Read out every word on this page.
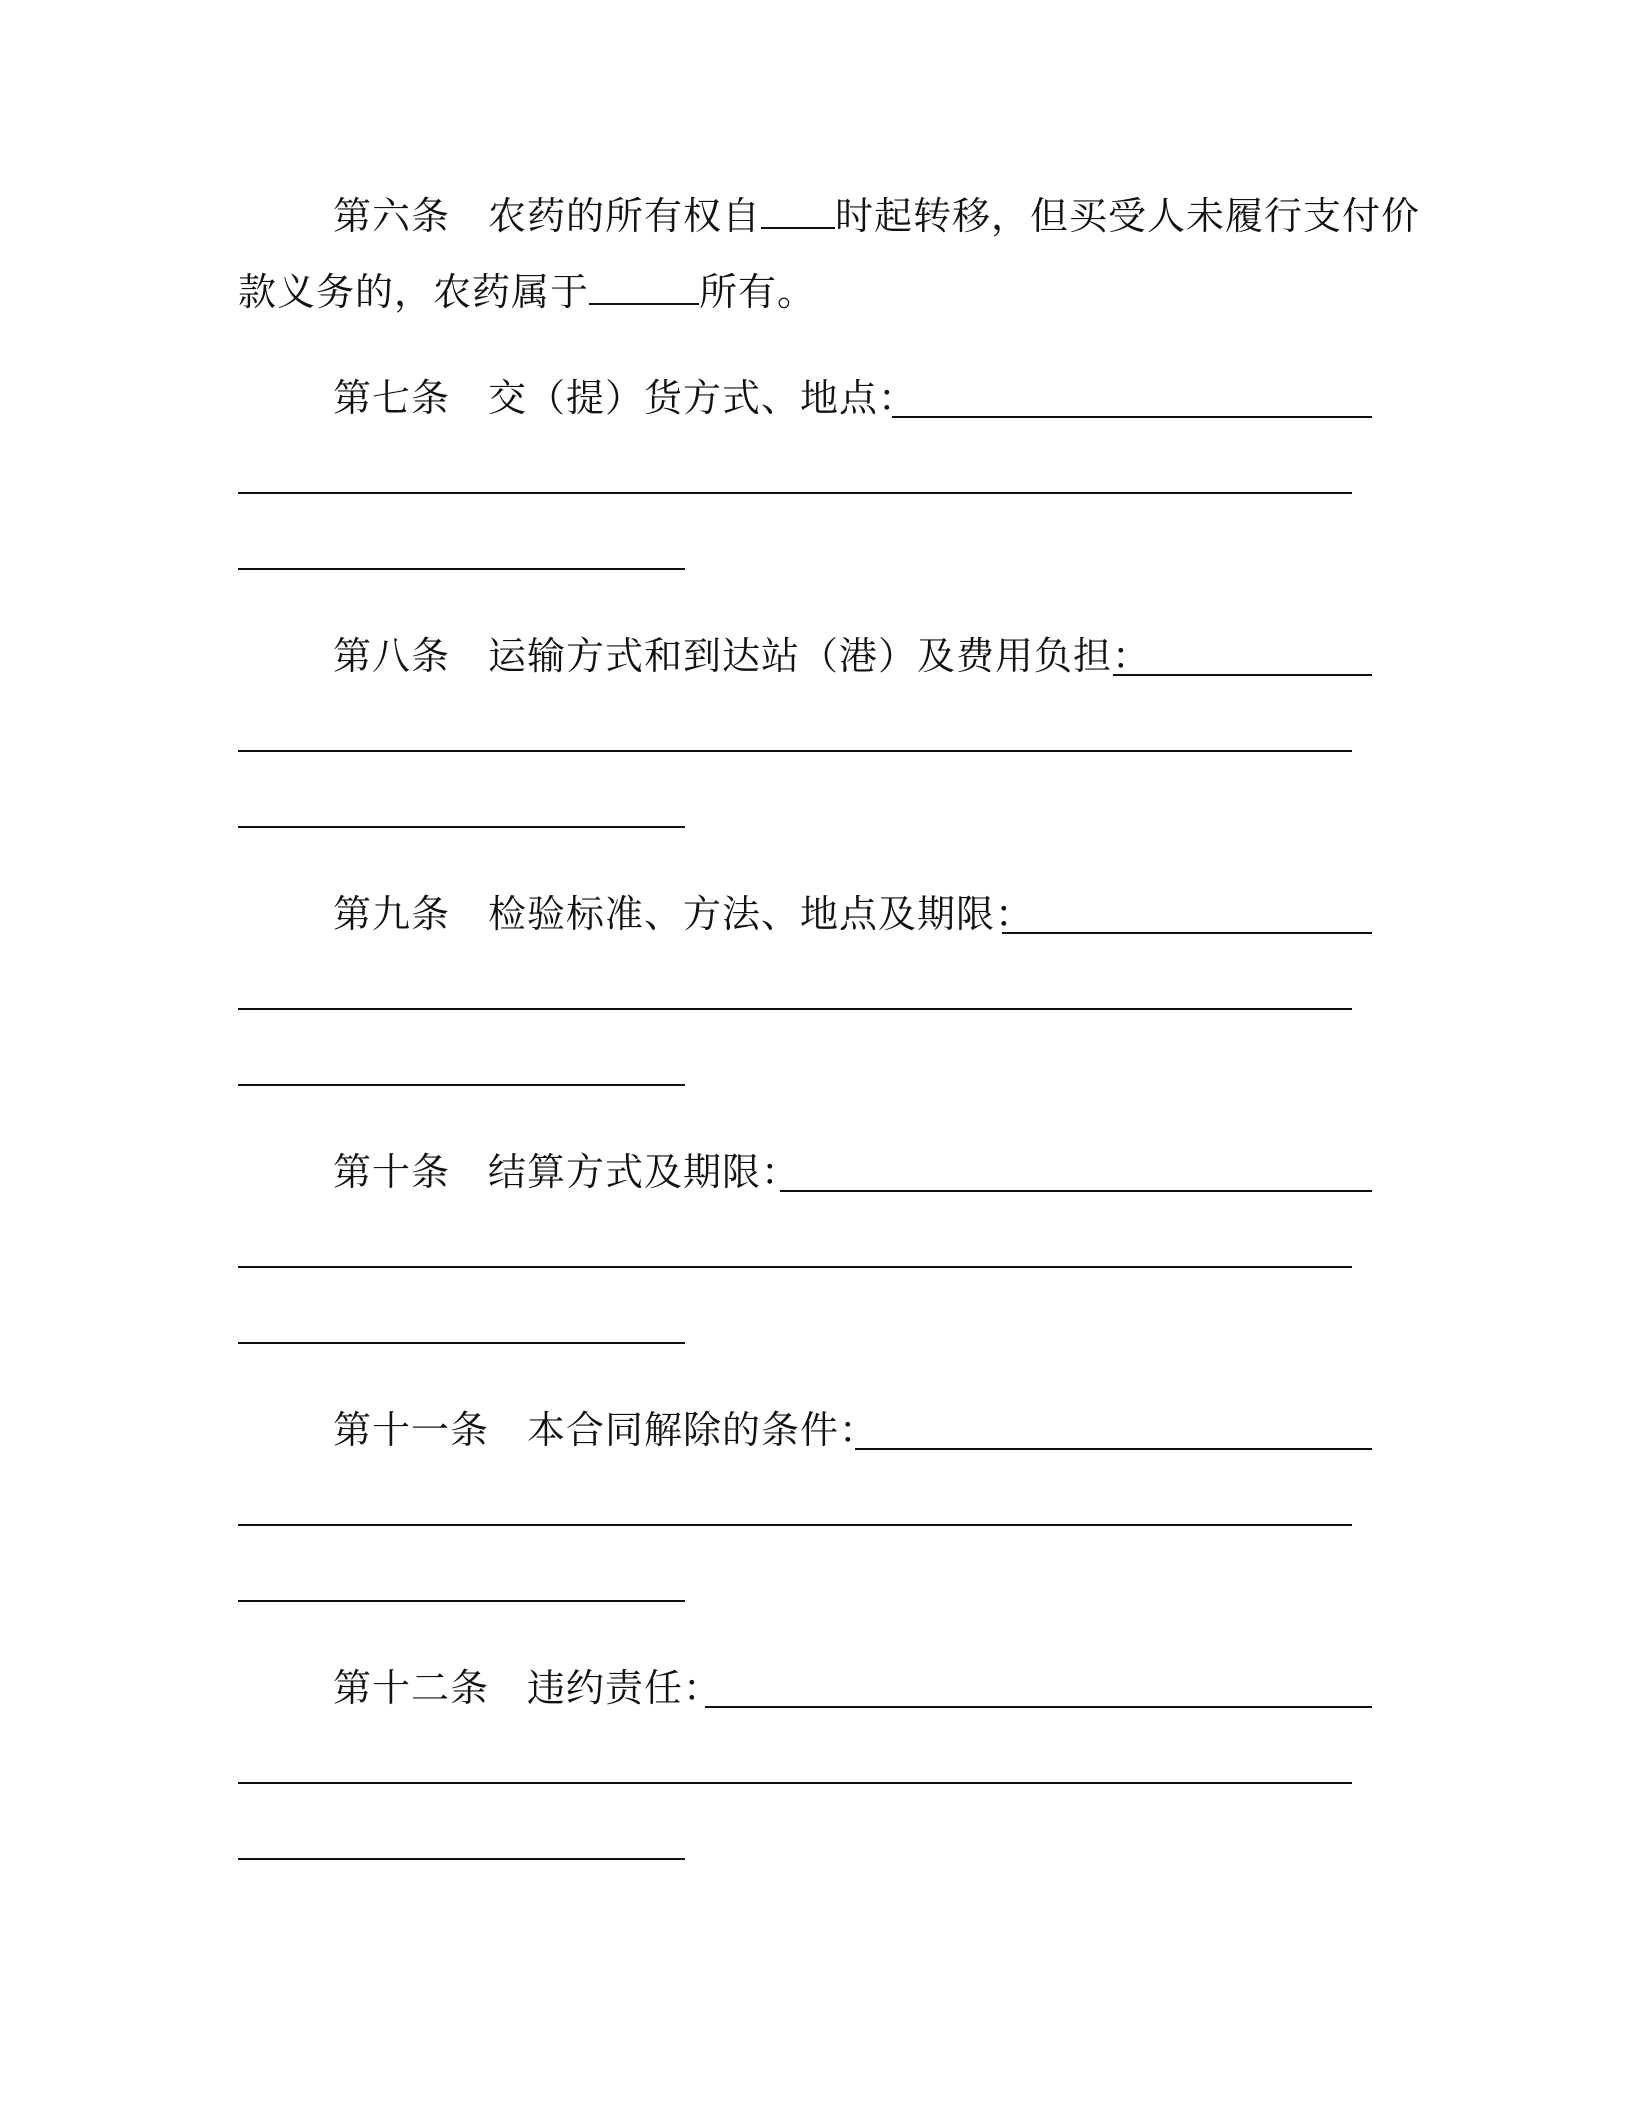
第六条 农药的所有权自 时起转移，但买受人未履行支付价
款义务的，农药属于	所有。
第七条 交（提）货方式、地点：
第八条 运输方式和到达站（港）及费用负担：
第九条 检验标准、方法、地点及期限：
第十条 结算方式及期限：
第十一条 本合同解除的条件：
第十二条 违约责任：
